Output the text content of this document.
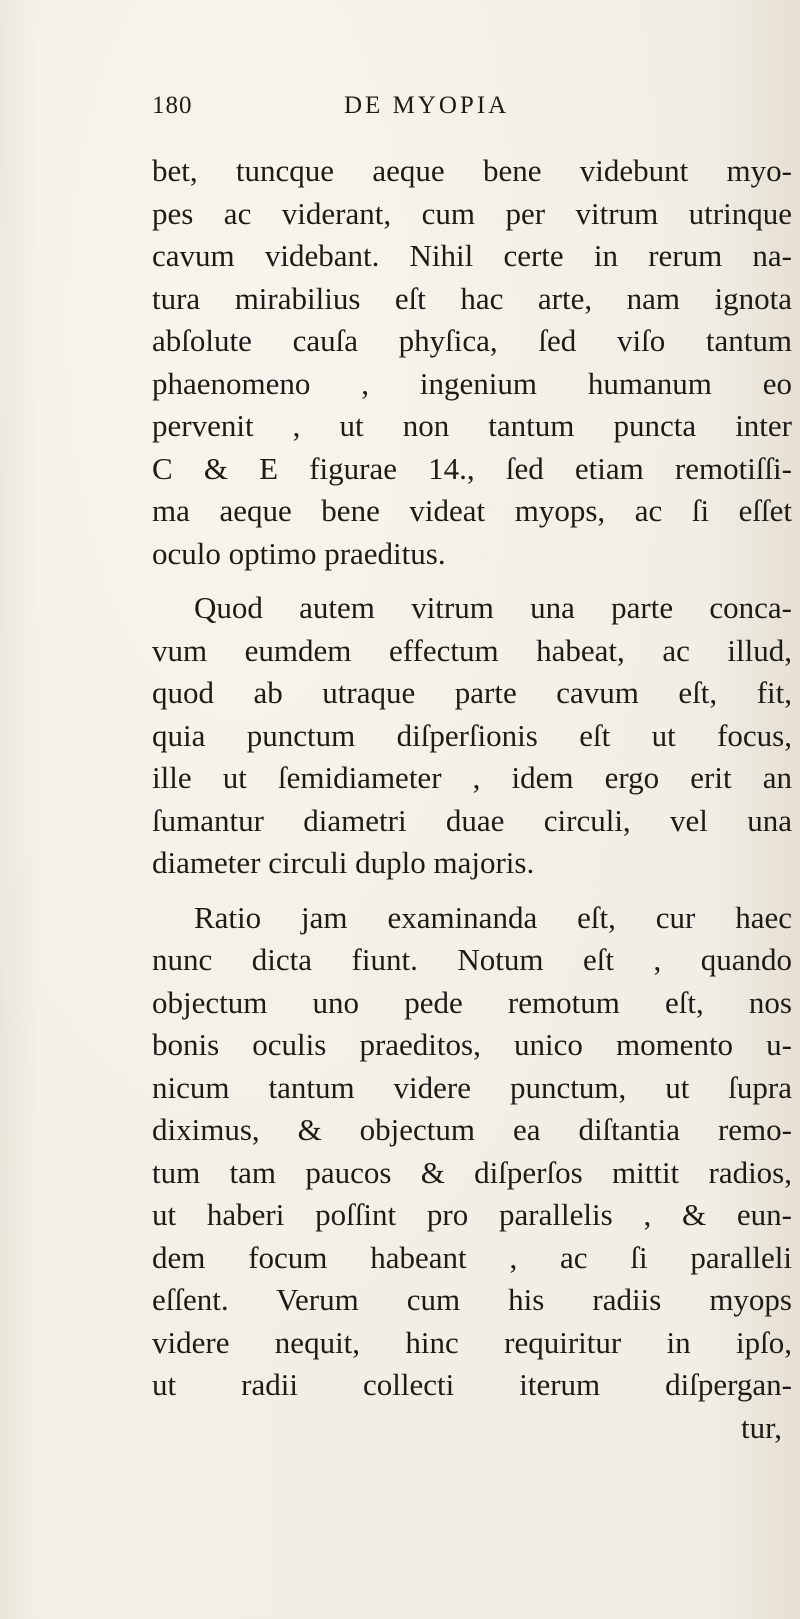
180	DE MYOPIA
bet, tuncque aeque bene videbunt myo-
pes ac viderant, cum per vitrum utrinque
cavum videbant. Nihil certe in rerum na-
tura mirabilius eſt hac arte, nam ignota
abſolute cauſa phyſica, ſed viſo tantum
phaenomeno , ingenium humanum eo
pervenit , ut non tantum puncta inter
C & E figurae 14., ſed etiam remotiſſi-
ma aeque bene videat myops, ac ſi eſſet
oculo optimo praeditus.
Quod autem vitrum una parte conca-
vum eumdem effectum habeat, ac illud,
quod ab utraque parte cavum eſt, fit,
quia punctum diſperſionis eſt ut focus,
ille ut ſemidiameter , idem ergo erit an
ſumantur diametri duae circuli, vel una
diameter circuli duplo majoris.
Ratio jam examinanda eſt, cur haec
nunc dicta fiunt. Notum eſt , quando
objectum uno pede remotum eſt, nos
bonis oculis praeditos, unico momento u-
nicum tantum videre punctum, ut ſupra
diximus, & objectum ea diſtantia remo-
tum tam paucos & diſperſos mittit radios,
ut haberi poſſint pro parallelis , & eun-
dem focum habeant , ac ſi paralleli
eſſent. Verum cum his radiis myops
videre nequit, hinc requiritur in ipſo,
ut radii collecti iterum diſpergan-
tur,
